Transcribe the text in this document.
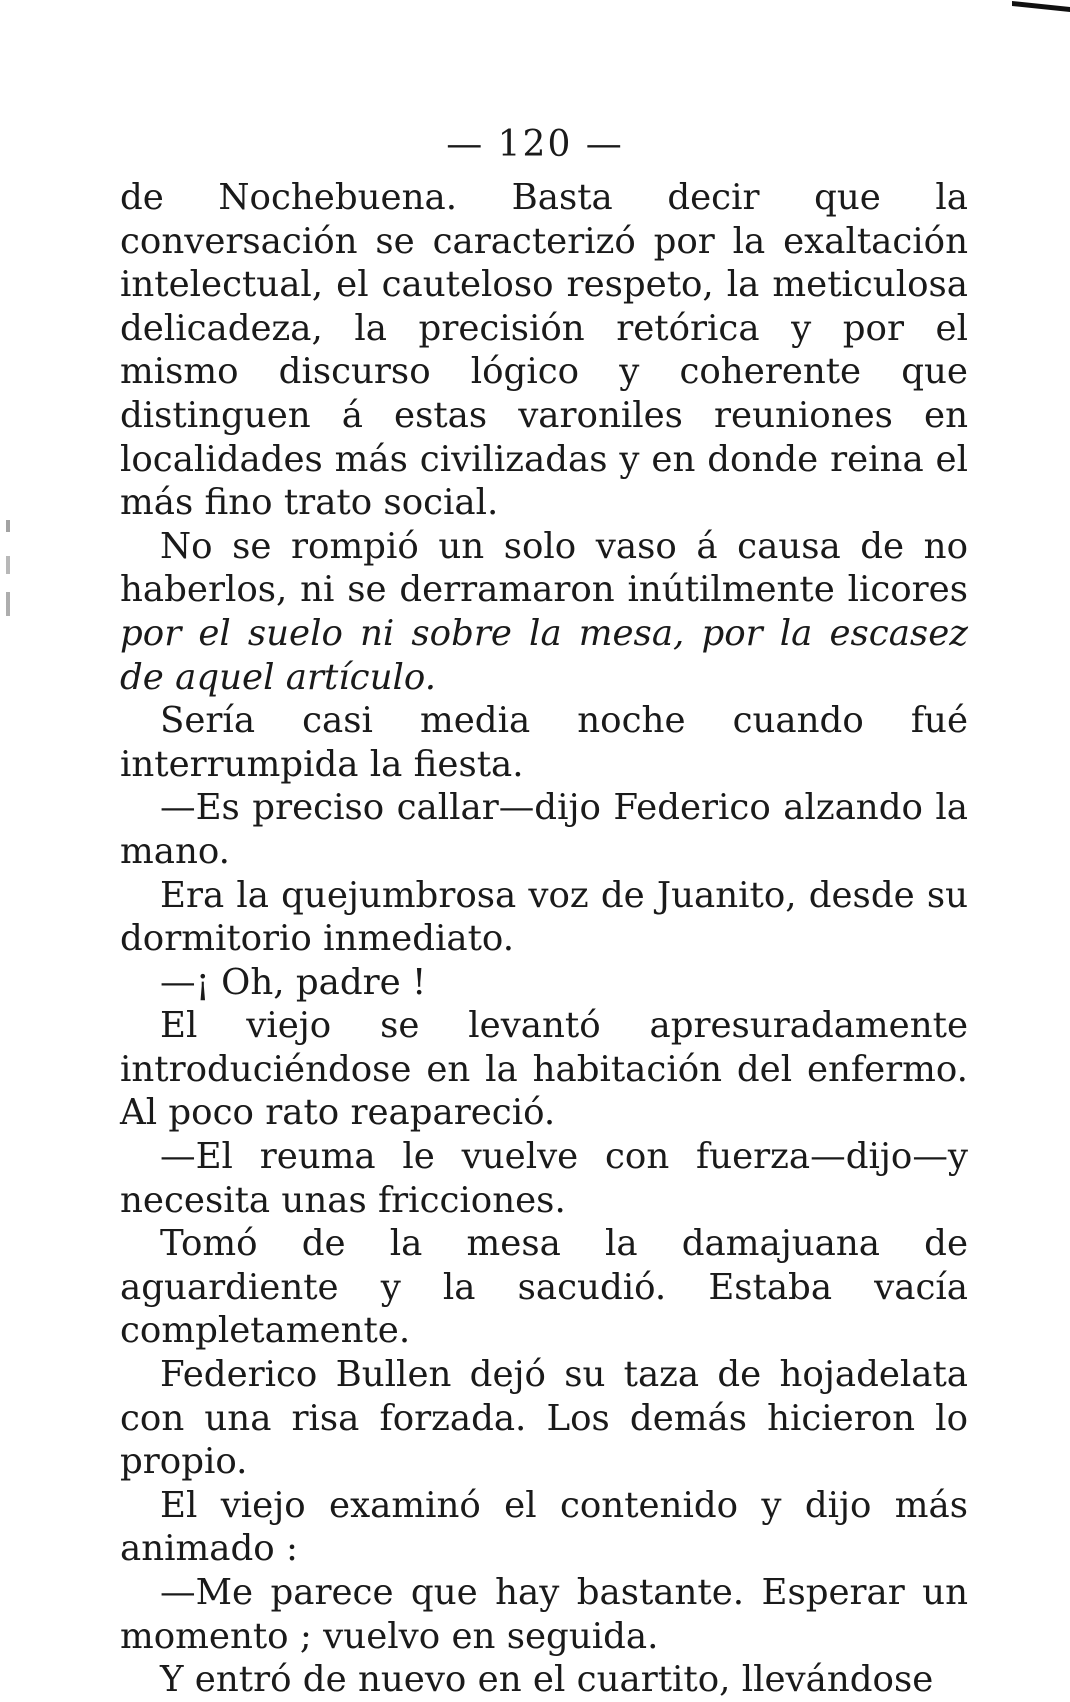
— 120 —

de Nochebuena. Basta decir que la conversación se caracterizó por la exaltación intelectual, el cauteloso respeto, la meticulosa delicadeza, la precisión retórica y por el mismo discurso lógico y coherente que distinguen á estas varoniles reuniones en localidades más civilizadas y en donde reina el más fino trato social.

No se rompió un solo vaso á causa de no haberlos, ni se derramaron inútilmente licores por el suelo ni sobre la mesa, por la escasez de aquel artículo.

Sería casi media noche cuando fué interrumpida la fiesta.

—Es preciso callar—dijo Federico alzando la mano.

Era la quejumbrosa voz de Juanito, desde su dormitorio inmediato.

—¡ Oh, padre !

El viejo se levantó apresuradamente introduciéndose en la habitación del enfermo. Al poco rato reapareció.

—El reuma le vuelve con fuerza—dijo—y necesita unas fricciones.

Tomó de la mesa la damajuana de aguardiente y la sacudió. Estaba vacía completamente.

Federico Bullen dejó su taza de hojadelata con una risa forzada. Los demás hicieron lo propio.

El viejo examinó el contenido y dijo más animado :

—Me parece que hay bastante. Esperar un momento ; vuelvo en seguida.

Y entró de nuevo en el cuartito, llevándose
